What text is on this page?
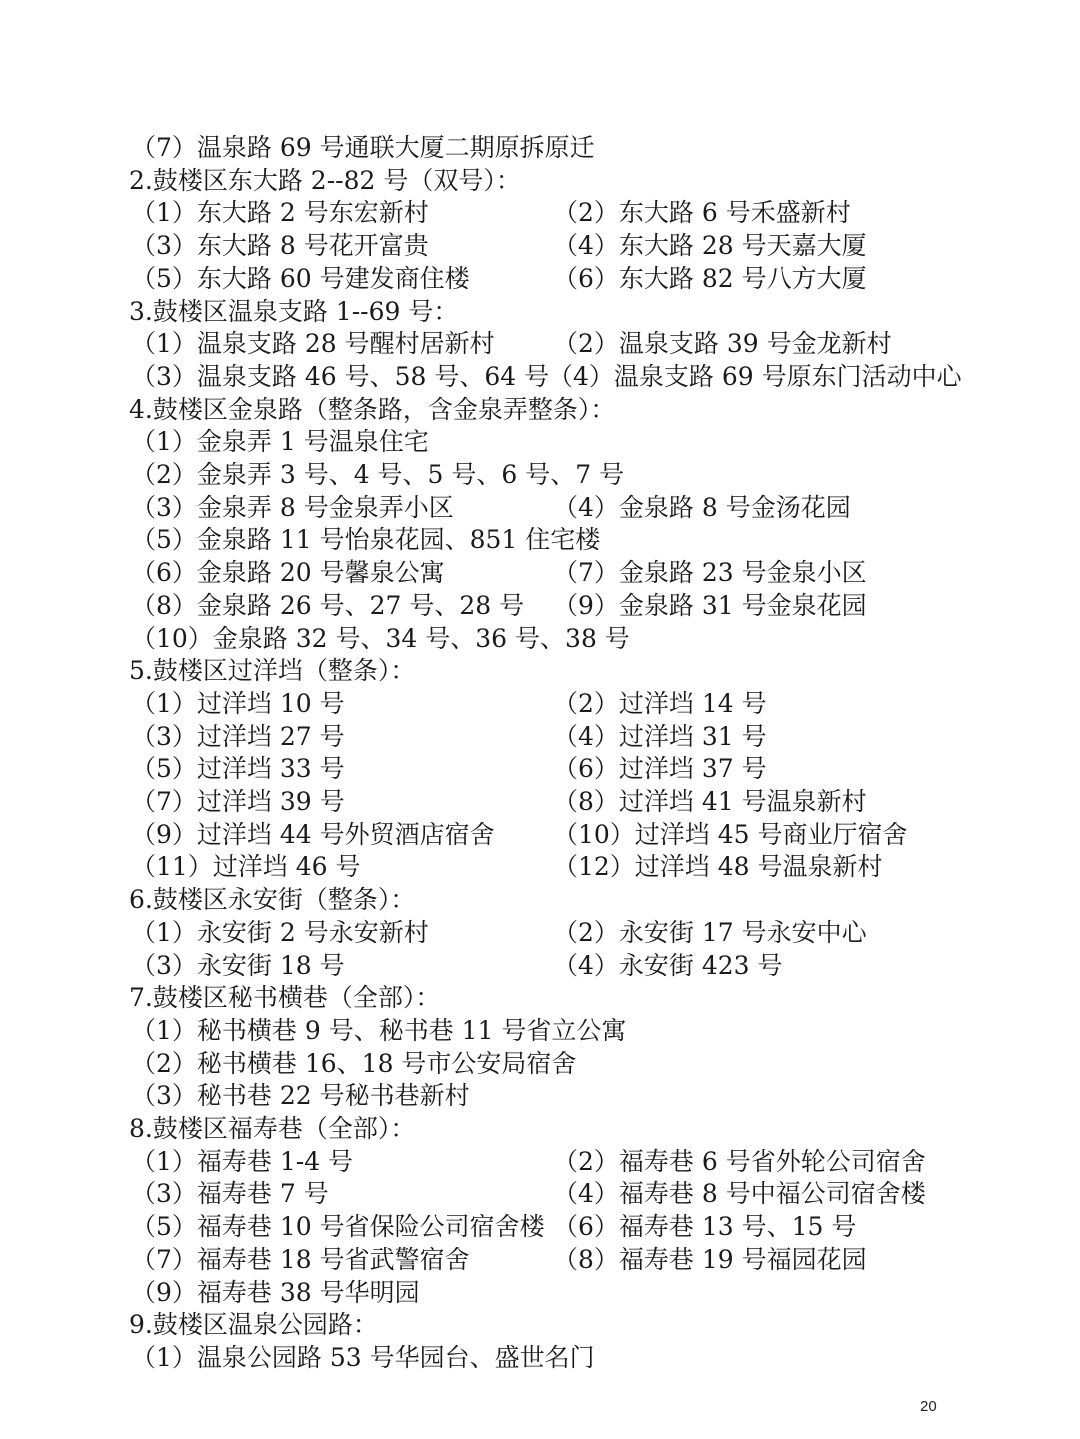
（7）温泉路 69 号通联大厦二期原拆原迁
2.鼓楼区东大路 2--82 号（双号）：
（1）东大路 2 号东宏新村	（2）东大路 6 号禾盛新村
（3）东大路 8 号花开富贵	（4）东大路 28 号天嘉大厦
（5）东大路 60 号建发商住楼	（6）东大路 82 号八方大厦
3.鼓楼区温泉支路 1--69 号：
（1）温泉支路 28 号醒村居新村 （2）温泉支路 39 号金龙新村
（3）温泉支路 46 号、58 号、64 号
（4）温泉支路 69 号原东门活动中心
4.鼓楼区金泉路（整条路，含金泉弄整条）：
（1）金泉弄 1 号温泉住宅
（2）金泉弄 3 号、4 号、5 号、6 号、7 号
（3）金泉弄 8 号金泉弄小区	（4）金泉路 8 号金汤花园
（5）金泉路 11 号怡泉花园、851 住宅楼
（6）金泉路 20 号馨泉公寓	（7）金泉路 23 号金泉小区
（8）金泉路 26 号、27 号、28 号 （9）金泉路 31 号金泉花园
（10）金泉路 32 号、34 号、36 号、38 号
5.鼓楼区过洋垱（整条）：
（1）过洋垱 10 号	（2）过洋垱 14 号
（3）过洋垱 27 号	（4）过洋垱 31 号
（5）过洋垱 33 号	（6）过洋垱 37 号
（7）过洋垱 39 号	（8）过洋垱 41 号温泉新村
（9）过洋垱 44 号外贸酒店宿舍 （10）过洋垱 45 号商业厅宿舍
（11）过洋垱 46 号	（12）过洋垱 48 号温泉新村
6.鼓楼区永安街（整条）：
（1）永安街 2 号永安新村	（2）永安街 17 号永安中心
（3）永安街 18 号	（4）永安街 423 号
7.鼓楼区秘书横巷（全部）：
（1）秘书横巷 9 号、秘书巷 11 号省立公寓
（2）秘书横巷 16、18 号市公安局宿舍
（3）秘书巷 22 号秘书巷新村
8.鼓楼区福寿巷（全部）：
（1）福寿巷 1-4 号	（2）福寿巷 6 号省外轮公司宿舍
（3）福寿巷 7 号	（4）福寿巷 8 号中福公司宿舍楼
（5）福寿巷 10 号省保险公司宿舍楼 （6）福寿巷 13 号、15 号
（7）福寿巷 18 号省武警宿舍	（8）福寿巷 19 号福园花园
（9）福寿巷 38 号华明园
9.鼓楼区温泉公园路：
（1）温泉公园路 53 号华园台、盛世名门
20
